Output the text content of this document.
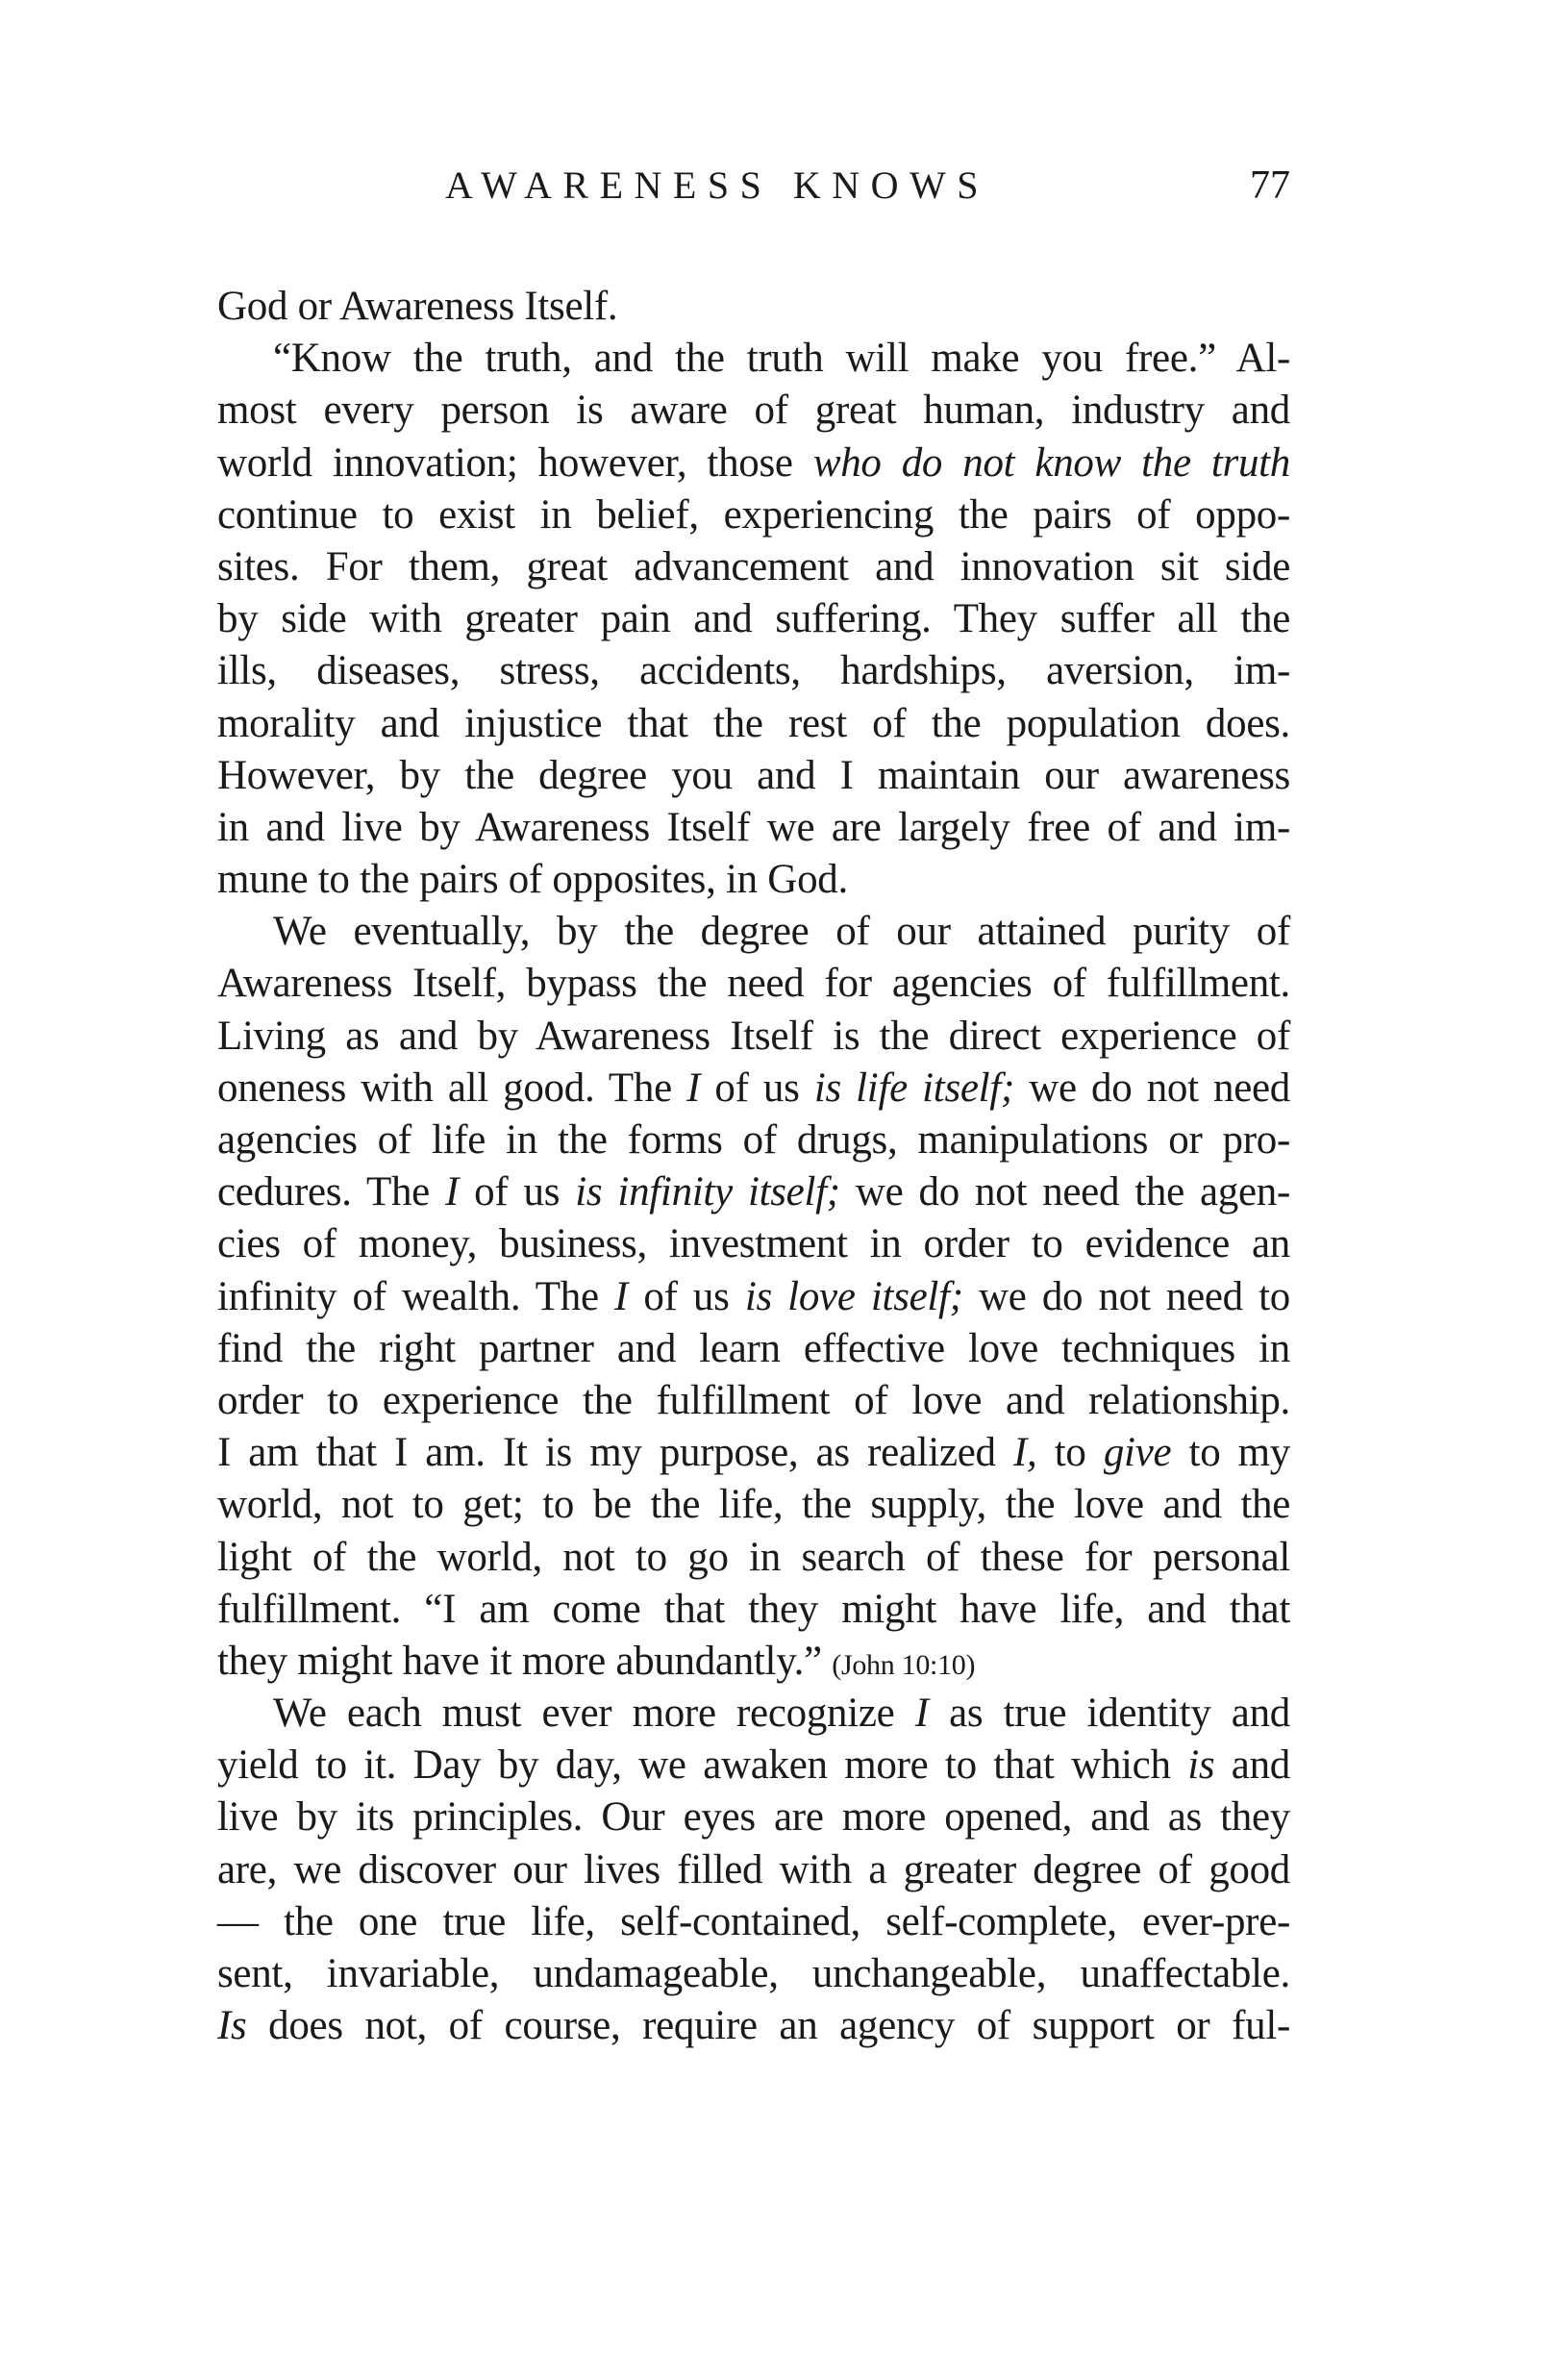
AWARENESS KNOWS	77
God or Awareness Itself.
“Know the truth, and the truth will make you free.” Al-
most every person is aware of great human, industry and
world innovation; however, those who do not know the truth
continue to exist in belief, experiencing the pairs of oppo-
sites. For them, great advancement and innovation sit side
by side with greater pain and suffering. They suffer all the
ills, diseases, stress, accidents, hardships, aversion, im-
morality and injustice that the rest of the population does.
However, by the degree you and I maintain our awareness
in and live by Awareness Itself we are largely free of and im-
mune to the pairs of opposites, in God.
We eventually, by the degree of our attained purity of
Awareness Itself, bypass the need for agencies of fulfillment.
Living as and by Awareness Itself is the direct experience of
oneness with all good. The I of us is life itself; we do not need
agencies of life in the forms of drugs, manipulations or pro-
cedures. The I of us is infinity itself; we do not need the agen-
cies of money, business, investment in order to evidence an
infinity of wealth. The I of us is love itself; we do not need to
find the right partner and learn effective love techniques in
order to experience the fulfillment of love and relationship.
I am that I am. It is my purpose, as realized I, to give to my
world, not to get; to be the life, the supply, the love and the
light of the world, not to go in search of these for personal
fulfillment. “I am come that they might have life, and that
they might have it more abundantly.” (John 10:10)
We each must ever more recognize I as true identity and
yield to it. Day by day, we awaken more to that which is and
live by its principles. Our eyes are more opened, and as they
are, we discover our lives filled with a greater degree of good
— the one true life, self-contained, self-complete, ever-pre-
sent, invariable, undamageable, unchangeable, unaffectable.
Is does not, of course, require an agency of support or ful-
